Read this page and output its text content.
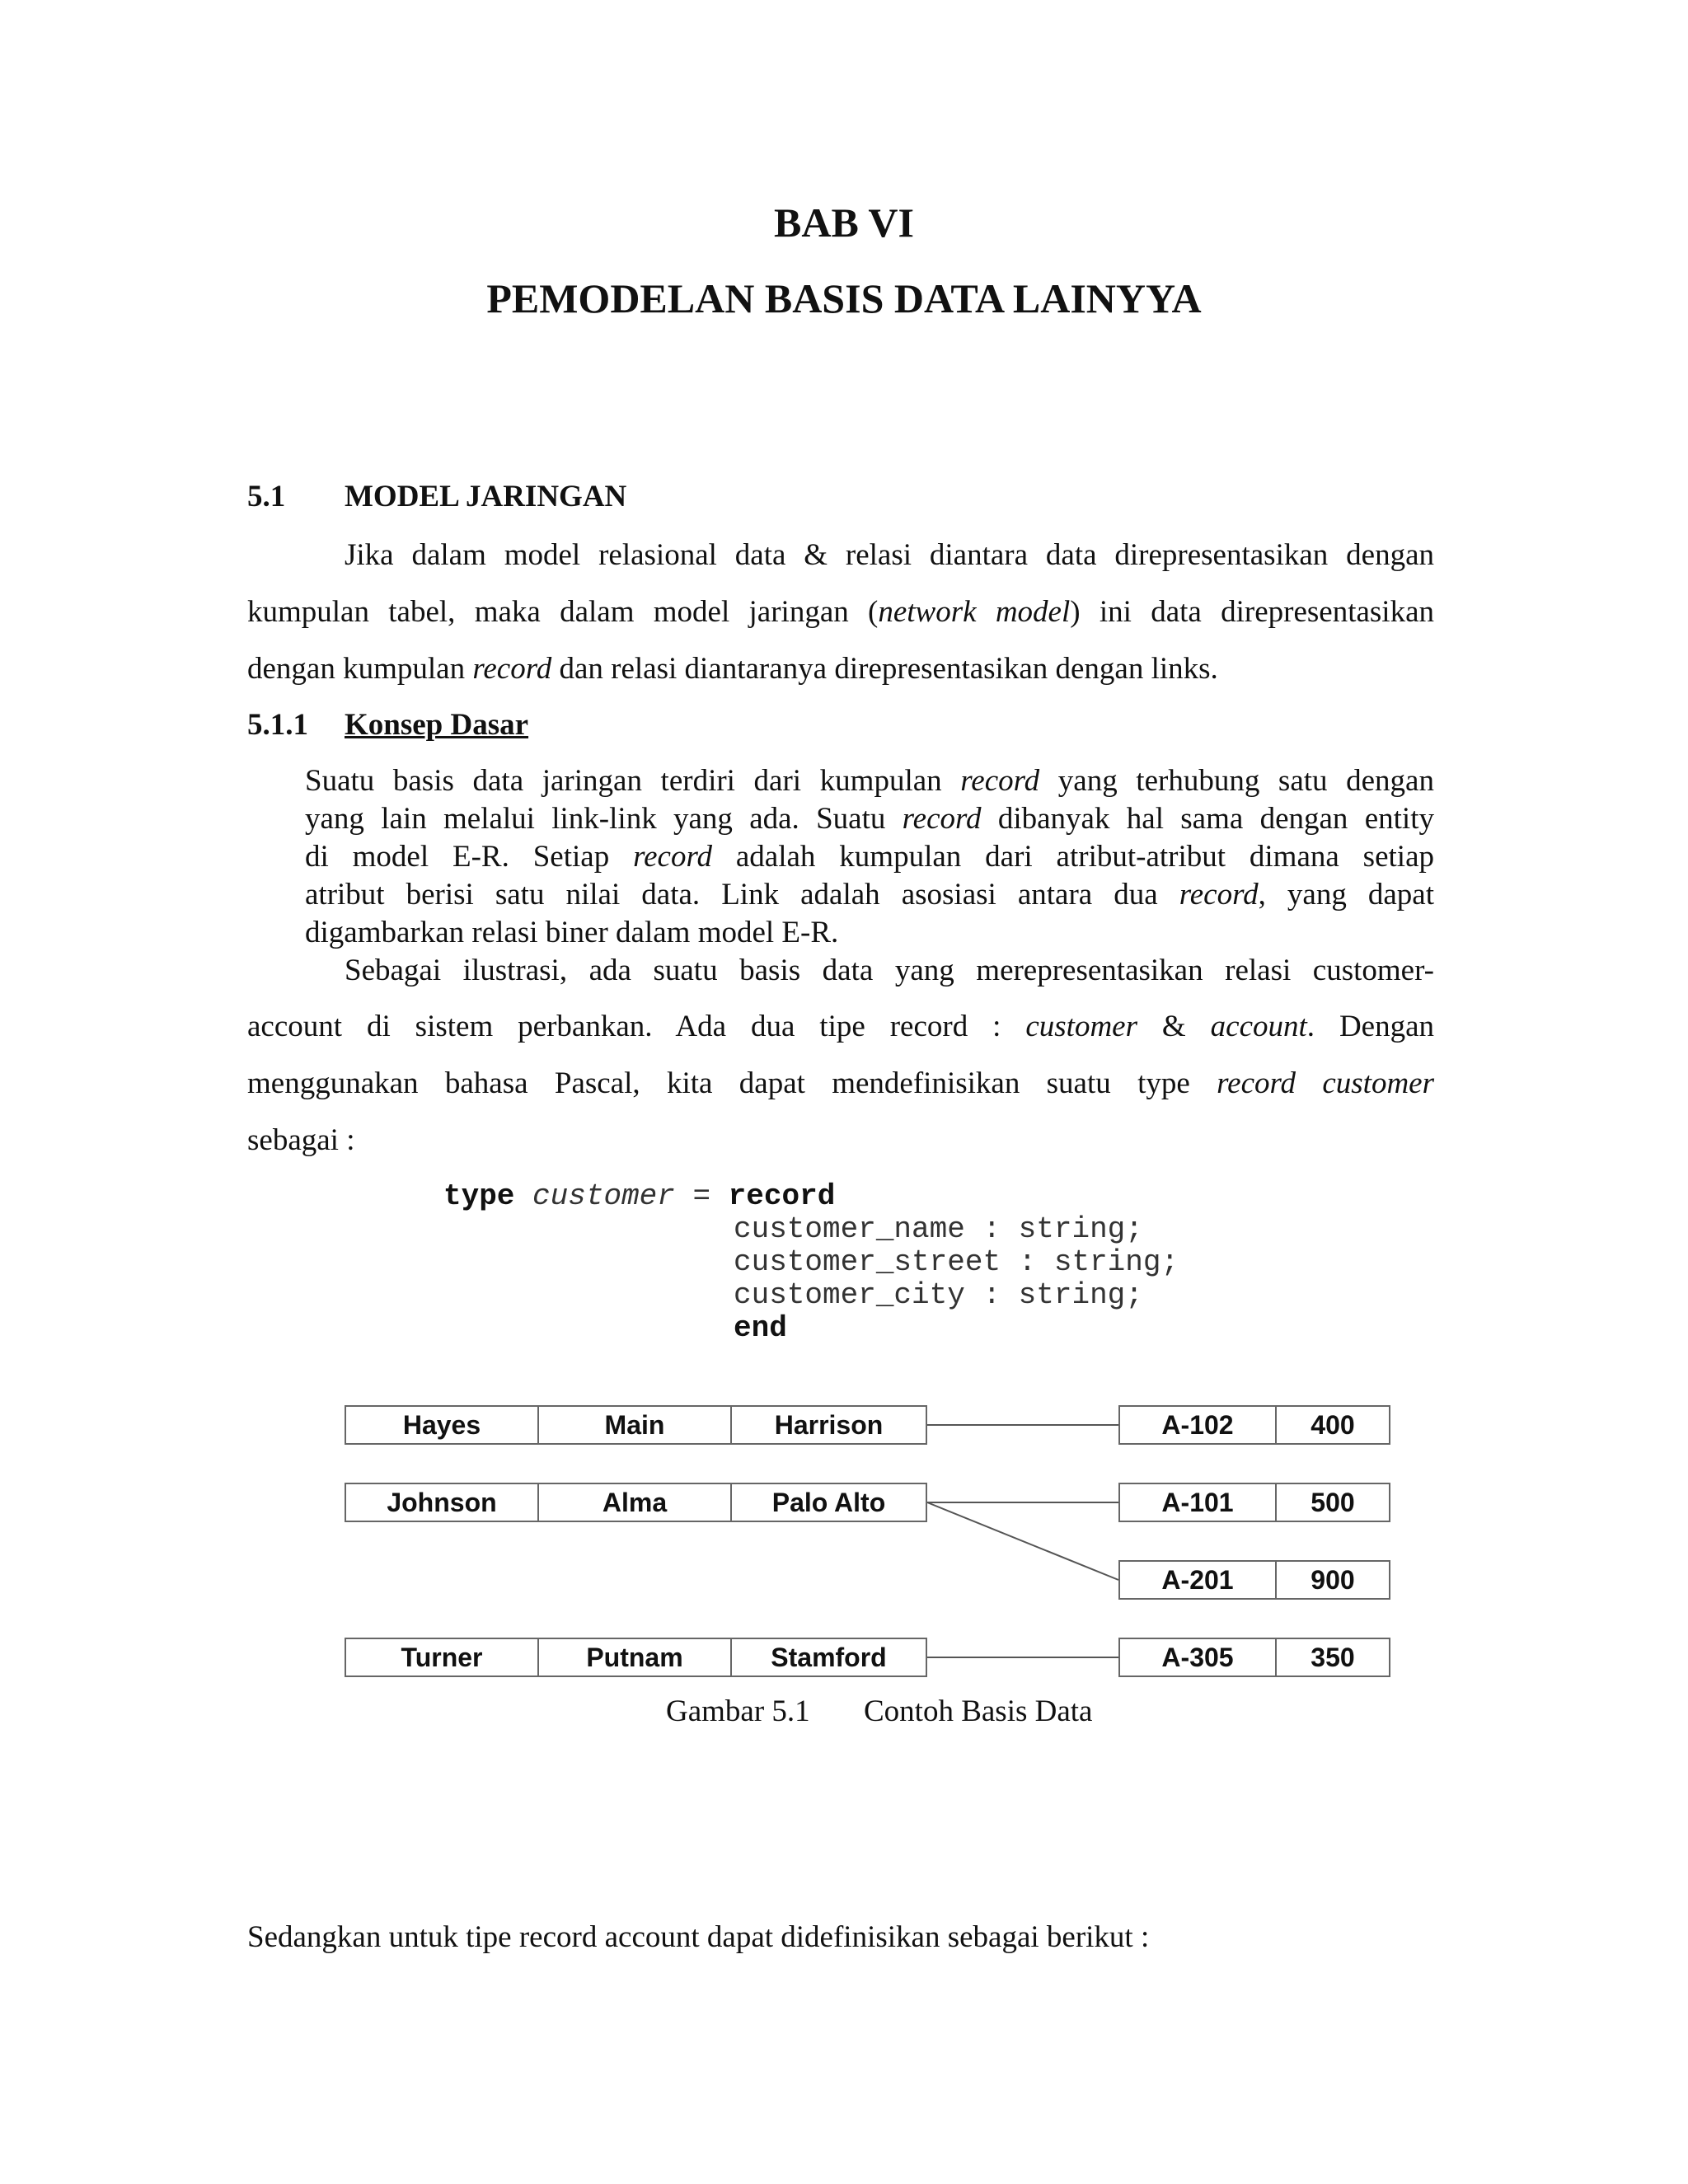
BAB VI
PEMODELAN BASIS DATA LAINYYA
5.1 MODEL JARINGAN
Jika dalam model relasional data & relasi diantara data direpresentasikan dengan
kumpulan tabel, maka dalam model jaringan (network model) ini data direpresentasikan
dengan kumpulan record dan relasi diantaranya direpresentasikan dengan links.
5.1.1 Konsep Dasar
Suatu basis data jaringan terdiri dari kumpulan record yang terhubung satu dengan
yang lain melalui link-link yang ada. Suatu record dibanyak hal sama dengan entity
di model E-R. Setiap record adalah kumpulan dari atribut-atribut dimana setiap
atribut berisi satu nilai data. Link adalah asosiasi antara dua record, yang dapat
digambarkan relasi biner dalam model E-R.
Sebagai ilustrasi, ada suatu basis data yang merepresentasikan relasi customer-
account di sistem perbankan. Ada dua tipe record : customer & account. Dengan
menggunakan bahasa Pascal, kita dapat mendefinisikan suatu type record customer
sebagai :
type customer = record
customer_name : string;
customer_street : string;
customer_city : string;
end
Hayes	Main	Harrison
Johnson	Alma	Palo Alto
Turner	Putnam	Stamford
A-102	400
A-101	500
A-201	900
A-305	350
Gambar 5.1 Contoh Basis Data
Sedangkan untuk tipe record account dapat didefinisikan sebagai berikut :
